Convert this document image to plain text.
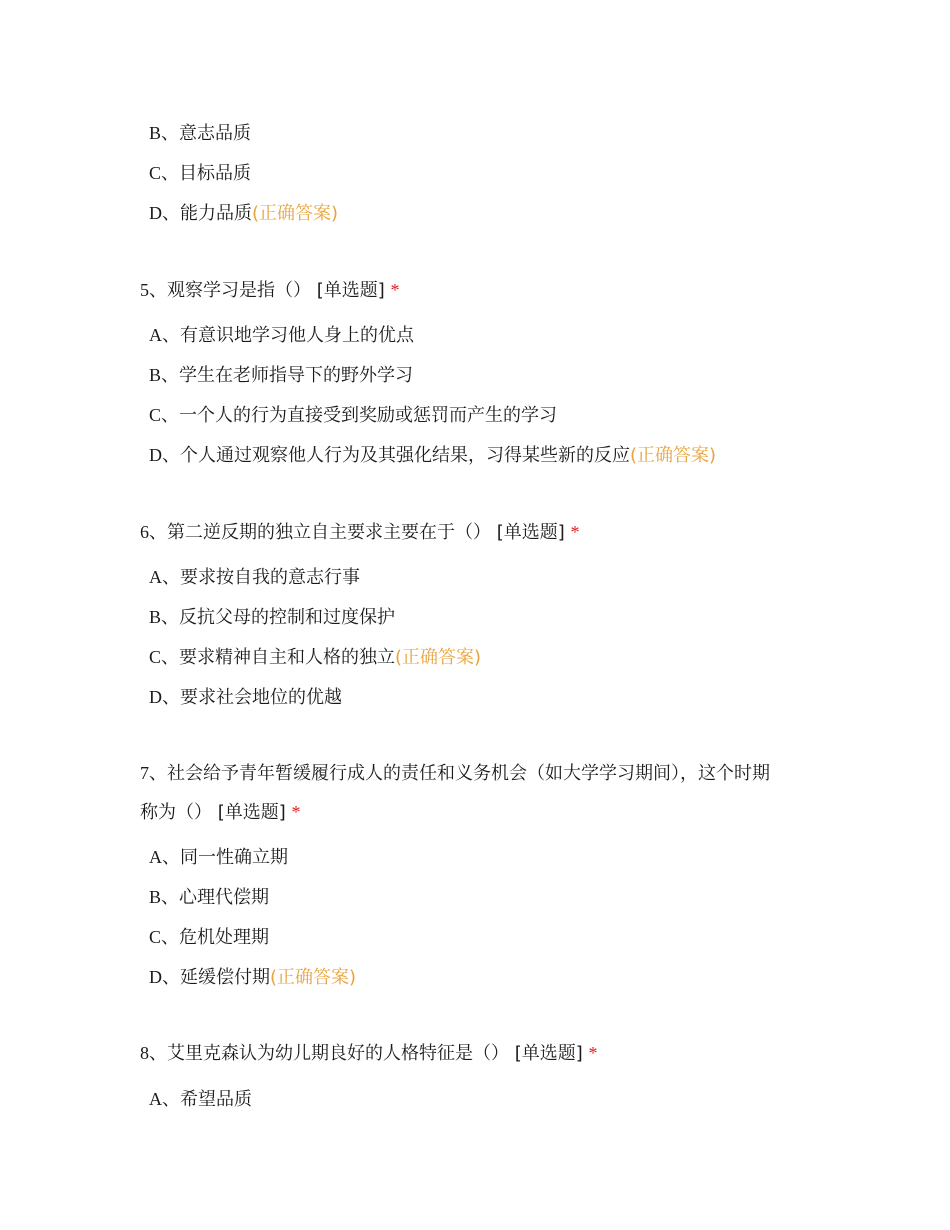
B、意志品质
C、目标品质
D、能力品质(正确答案)
5、观察学习是指（） [单选题] *
A、有意识地学习他人身上的优点
B、学生在老师指导下的野外学习
C、一个人的行为直接受到奖励或惩罚而产生的学习
D、个人通过观察他人行为及其强化结果，习得某些新的反应(正确答案)
6、第二逆反期的独立自主要求主要在于（） [单选题] *
A、要求按自我的意志行事
B、反抗父母的控制和过度保护
C、要求精神自主和人格的独立(正确答案)
D、要求社会地位的优越
7、社会给予青年暂缓履行成人的责任和义务机会（如大学学习期间），这个时期
称为（） [单选题] *
A、同一性确立期
B、心理代偿期
C、危机处理期
D、延缓偿付期(正确答案)
8、艾里克森认为幼儿期良好的人格特征是（） [单选题] *
A、希望品质
